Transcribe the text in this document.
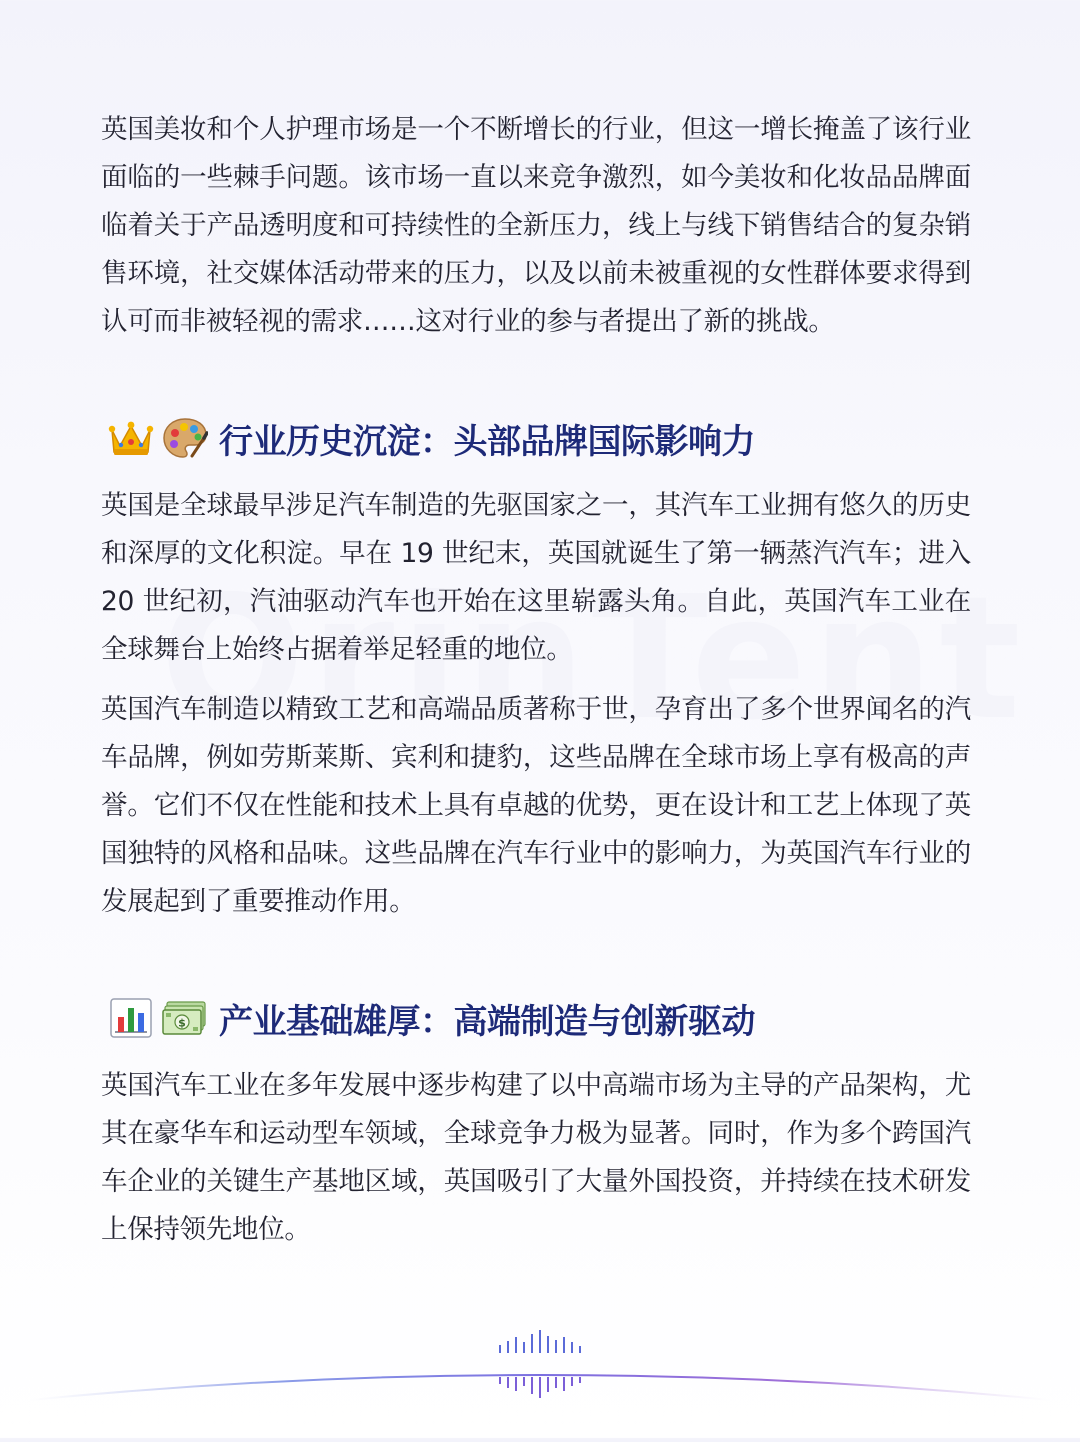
英国美妆和个人护理市场是一个不断增长的行业，但这一增长掩盖了该行业面临的一些棘手问题。该市场一直以来竞争激烈，如今美妆和化妆品品牌面临着关于产品透明度和可持续性的全新压力，线上与线下销售结合的复杂销售环境，社交媒体活动带来的压力，以及以前未被重视的女性群体要求得到认可而非被轻视的需求……这对行业的参与者提出了新的挑战。

行业历史沉淀：头部品牌国际影响力

英国是全球最早涉足汽车制造的先驱国家之一，其汽车工业拥有悠久的历史和深厚的文化积淀。早在 19 世纪末，英国就诞生了第一辆蒸汽汽车；进入 20 世纪初，汽油驱动汽车也开始在这里崭露头角。自此，英国汽车工业在全球舞台上始终占据着举足轻重的地位。

英国汽车制造以精致工艺和高端品质著称于世，孕育出了多个世界闻名的汽车品牌，例如劳斯莱斯、宾利和捷豹，这些品牌在全球市场上享有极高的声誉。它们不仅在性能和技术上具有卓越的优势，更在设计和工艺上体现了英国独特的风格和品味。这些品牌在汽车行业中的影响力，为英国汽车行业的发展起到了重要推动作用。

$ 产业基础雄厚：高端制造与创新驱动

英国汽车工业在多年发展中逐步构建了以中高端市场为主导的产品架构，尤其在豪华车和运动型车领域，全球竞争力极为显著。同时，作为多个跨国汽车企业的关键生产基地区域，英国吸引了大量外国投资，并持续在技术研发上保持领先地位。
